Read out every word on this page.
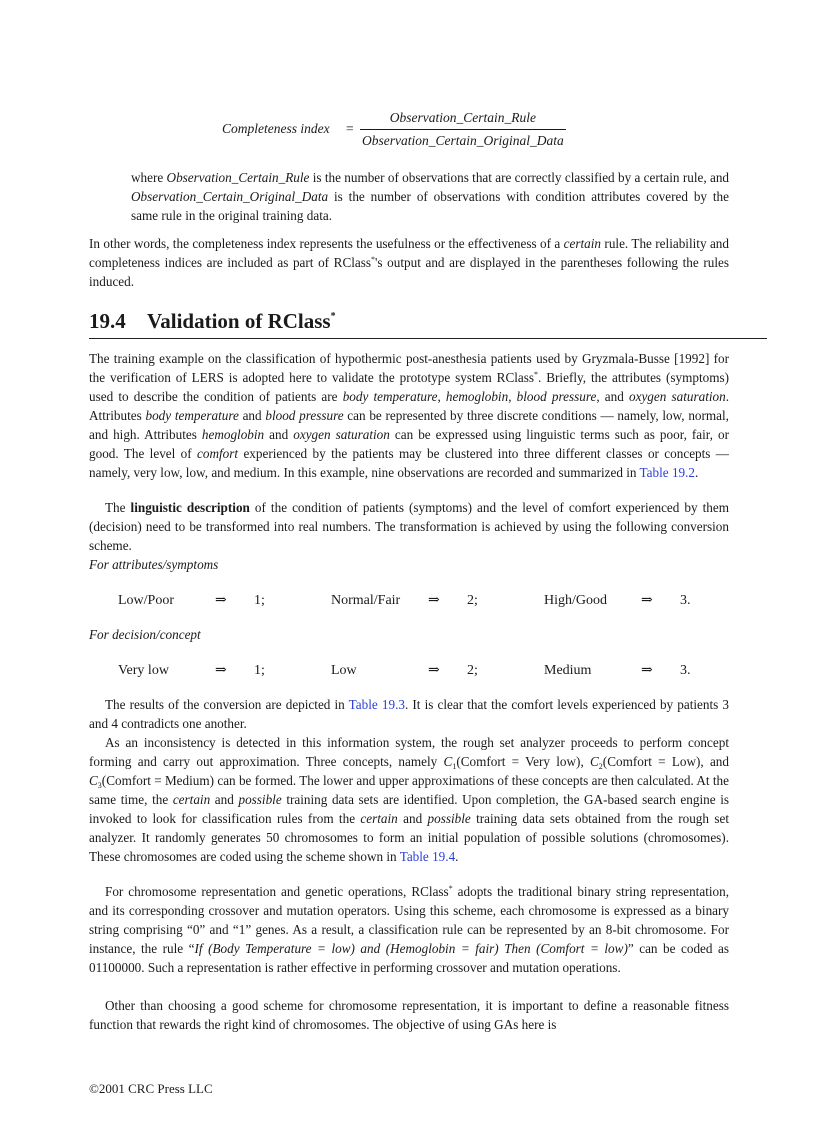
Completeness index =
Observation_Certain_Rule
Observation_Certain_Original_Data

where Observation_Certain_Rule is the number of observations that are correctly classified by a certain rule, and Observation_Certain_Original_Data is the number of observations with condition attributes covered by the same rule in the original training data.

In other words, the completeness index represents the usefulness or the effectiveness of a certain rule. The reliability and completeness indices are included as part of RClass*'s output and are displayed in the parentheses following the rules induced.

19.4 Validation of RClass*

The training example on the classification of hypothermic post-anesthesia patients used by Gryzmala-Busse [1992] for the verification of LERS is adopted here to validate the prototype system RClass*. Briefly, the attributes (symptoms) used to describe the condition of patients are body temperature, hemoglobin, blood pressure, and oxygen saturation. Attributes body temperature and blood pressure can be represented by three discrete conditions — namely, low, normal, and high. Attributes hemoglobin and oxygen saturation can be expressed using linguistic terms such as poor, fair, or good. The level of comfort experienced by the patients may be clustered into three different classes or concepts — namely, very low, low, and medium. In this example, nine observations are recorded and summarized in Table 19.2.

The linguistic description of the condition of patients (symptoms) and the level of comfort experienced by them (decision) need to be transformed into real numbers. The transformation is achieved by using the following conversion scheme.

For attributes/symptoms
Low/Poor	⇒ 1;	Normal/Fair ⇒ 2;	High/Good ⇒ 3.
For decision/concept
Very low	⇒ 1;	Low	⇒ 2;	Medium	⇒ 3.

The results of the conversion are depicted in Table 19.3. It is clear that the comfort levels experienced by patients 3 and 4 contradicts one another.

As an inconsistency is detected in this information system, the rough set analyzer proceeds to perform concept forming and carry out approximation. Three concepts, namely $C_1(Comfort$ = Very low), $C_2(Comfort = Low)$, and $C_3(Comfort$ = Medium) can be formed. The lower and upper approximations of these concepts are then calculated. At the same time, the certain and possible training data sets are identified. Upon completion, the GA-based search engine is invoked to look for classification rules from the certain and possible training data sets obtained from the rough set analyzer. It randomly generates 50 chromosomes to form an initial population of possible solutions (chromosomes). These chromosomes are coded using the scheme shown in Table 19.4.

For chromosome representation and genetic operations, RClass* adopts the traditional binary string representation, and its corresponding crossover and mutation operators. Using this scheme, each chromosome is expressed as a binary string comprising “0” and “1” genes. As a result, a classification rule can be represented by an 8-bit chromosome. For instance, the rule “If (Body Temperature = low) and (Hemoglobin = fair) Then (Comfort = low)” can be coded as 01100000. Such a representation is rather effective in performing crossover and mutation operations.

Other than choosing a good scheme for chromosome representation, it is important to define a reasonable fitness function that rewards the right kind of chromosomes. The objective of using GAs here is

©2001 CRC Press LLC
